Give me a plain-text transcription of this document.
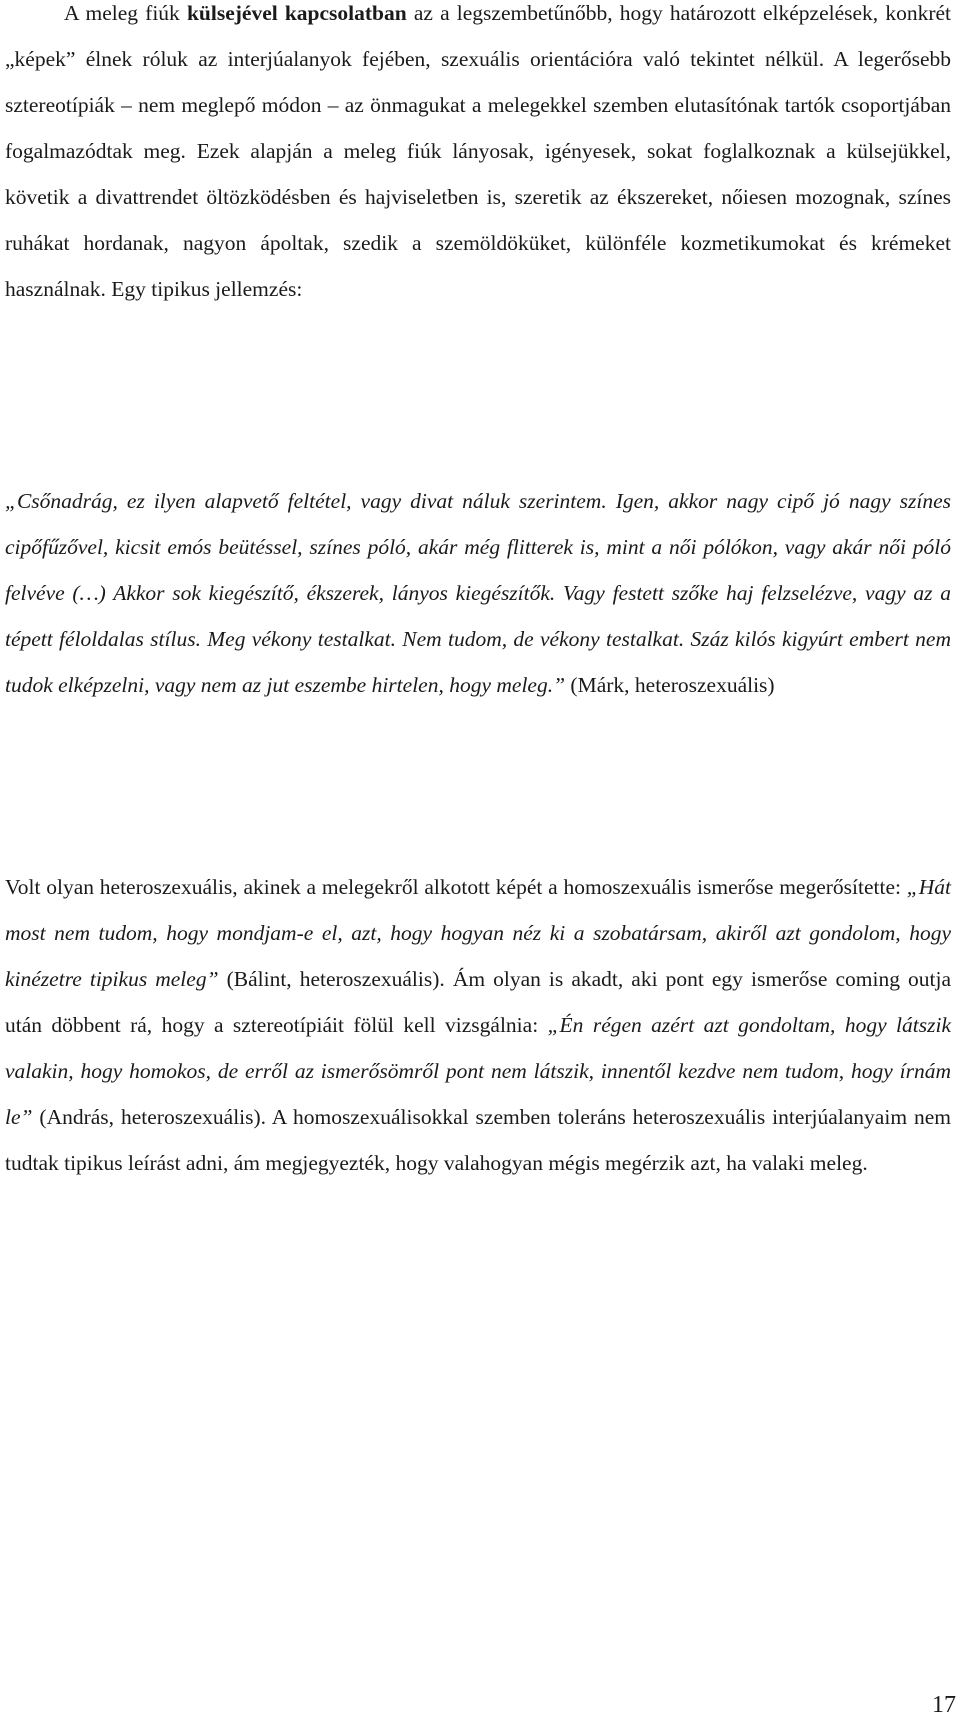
A meleg fiúk külsejével kapcsolatban az a legszembetűnőbb, hogy határozott elképzelések, konkrét „képek” élnek róluk az interjúalanyok fejében, szexuális orientációra való tekintet nélkül. A legerősebb sztereotípiák – nem meglepő módon – az önmagukat a melegekkel szemben elutasítónak tartók csoportjában fogalmazódtak meg. Ezek alapján a meleg fiúk lányosak, igényesek, sokat foglalkoznak a külsejükkel, követik a divattrendet öltözködésben és hajviseletben is, szeretik az ékszereket, nőiesen mozognak, színes ruhákat hordanak, nagyon ápoltak, szedik a szemöldöküket, különféle kozmetikumokat és krémeket használnak. Egy tipikus jellemzés:

„Csőnadrág, ez ilyen alapvető feltétel, vagy divat náluk szerintem. Igen, akkor nagy cipő jó nagy színes cipőfűzővel, kicsit emós beütéssel, színes póló, akár még flitterek is, mint a női pólókon, vagy akár női póló felvéve (…) Akkor sok kiegészítő, ékszerek, lányos kiegészítők. Vagy festett szőke haj felzselézve, vagy az a tépett féloldalas stílus. Meg vékony testalkat. Nem tudom, de vékony testalkat. Száz kilós kigyúrt embert nem tudok elképzelni, vagy nem az jut eszembe hirtelen, hogy meleg.” (Márk, heteroszexuális)

Volt olyan heteroszexuális, akinek a melegekről alkotott képét a homoszexuális ismerőse megerősítette: „Hát most nem tudom, hogy mondjam-e el, azt, hogy hogyan néz ki a szobatársam, akiről azt gondolom, hogy kinézetre tipikus meleg” (Bálint, heteroszexuális). Ám olyan is akadt, aki pont egy ismerőse coming outja után döbbent rá, hogy a sztereotípiáit fölül kell vizsgálnia: „Én régen azért azt gondoltam, hogy látszik valakin, hogy homokos, de erről az ismerősömről pont nem látszik, innentől kezdve nem tudom, hogy írnám le” (András, heteroszexuális). A homoszexuálisokkal szemben toleráns heteroszexuális interjúalanyaim nem tudtak tipikus leírást adni, ám megjegyezték, hogy valahogyan mégis megérzik azt, ha valaki meleg.

17
